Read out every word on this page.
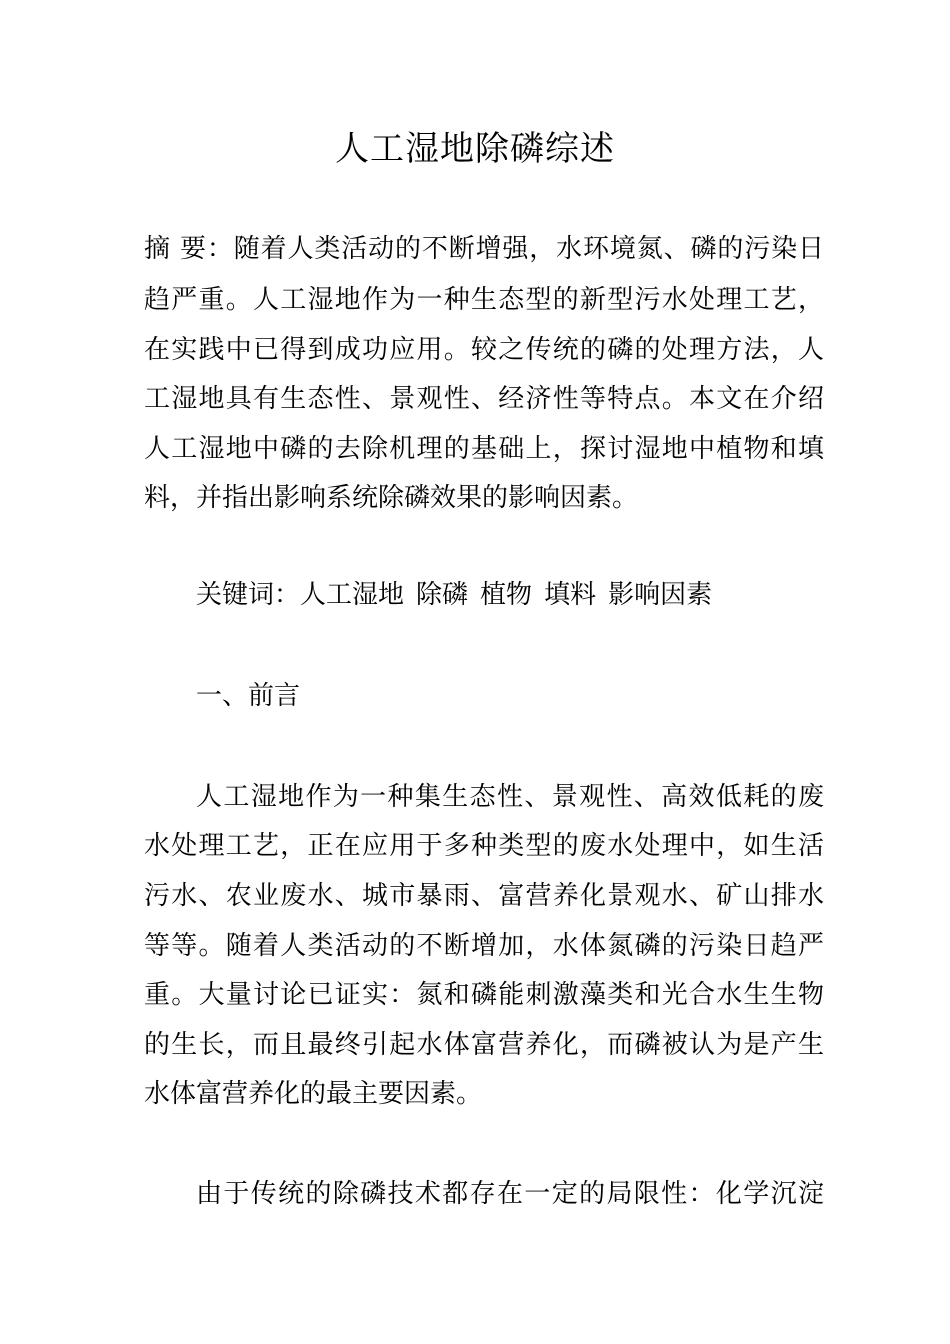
人工湿地除磷综述
摘 要：随着人类活动的不断增强，水环境氮、磷的污染日
趋严重。人工湿地作为一种生态型的新型污水处理工艺，
在实践中已得到成功应用。较之传统的磷的处理方法，人
工湿地具有生态性、景观性、经济性等特点。本文在介绍
人工湿地中磷的去除机理的基础上，探讨湿地中植物和填
料，并指出影响系统除磷效果的影响因素。
关键词：人工湿地 除磷 植物 填料 影响因素
一、前言
人工湿地作为一种集生态性、景观性、高效低耗的废
水处理工艺，正在应用于多种类型的废水处理中，如生活
污水、农业废水、城市暴雨、富营养化景观水、矿山排水
等等。随着人类活动的不断增加，水体氮磷的污染日趋严
重。大量讨论已证实：氮和磷能刺激藻类和光合水生生物
的生长，而且最终引起水体富营养化，而磷被认为是产生
水体富营养化的最主要因素。
由于传统的除磷技术都存在一定的局限性：化学沉淀
